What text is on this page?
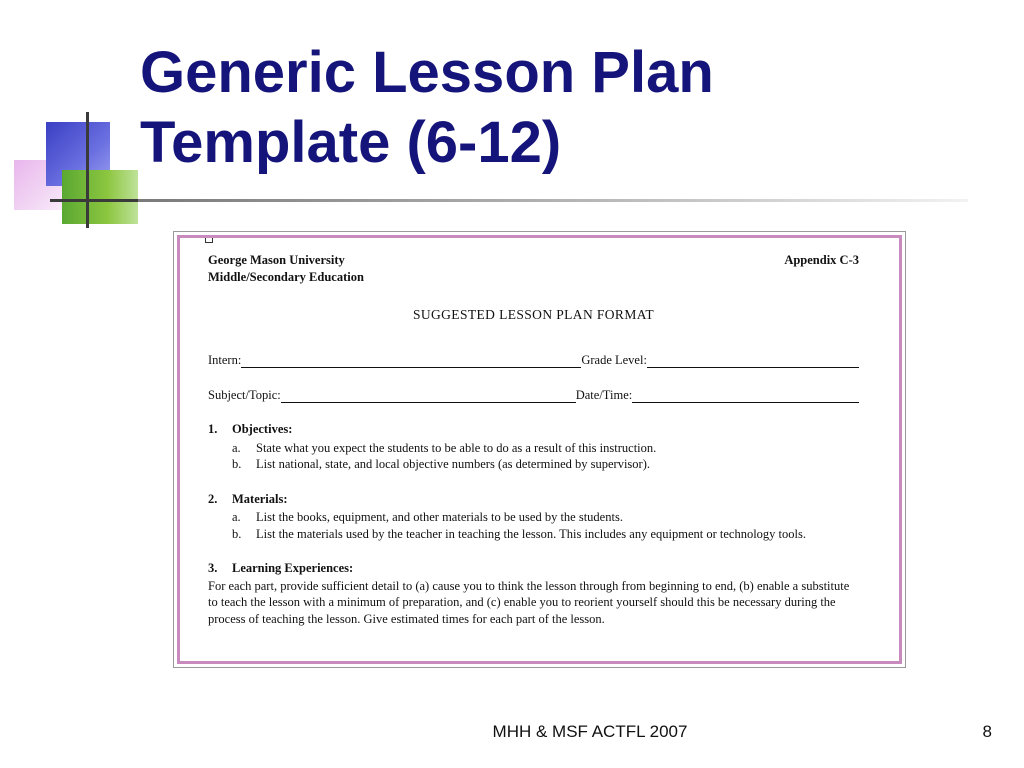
Generic Lesson Plan
Template (6-12)
George Mason University
Middle/Secondary Education
Appendix C-3
SUGGESTED LESSON PLAN FORMAT
Intern:	Grade Level:
Subject/Topic:	Date/Time:
1. Objectives:
a.	State what you expect the students to be able to do as a result of this instruction.
b.	List national, state, and local objective numbers (as determined by supervisor).
2. Materials:
a.	List the books, equipment, and other materials to be used by the students.
b.	List the materials used by the teacher in teaching the lesson. This includes any equipment or technology tools.
3. Learning Experiences:

For each part, provide sufficient detail to (a) cause you to think the lesson through from beginning to end, (b) enable a substitute to teach the lesson with a minimum of preparation, and (c) enable you to reorient yourself should this be necessary during the process of teaching the lesson. Give estimated times for each part of the lesson.

MHH & MSF ACTFL 2007	8
